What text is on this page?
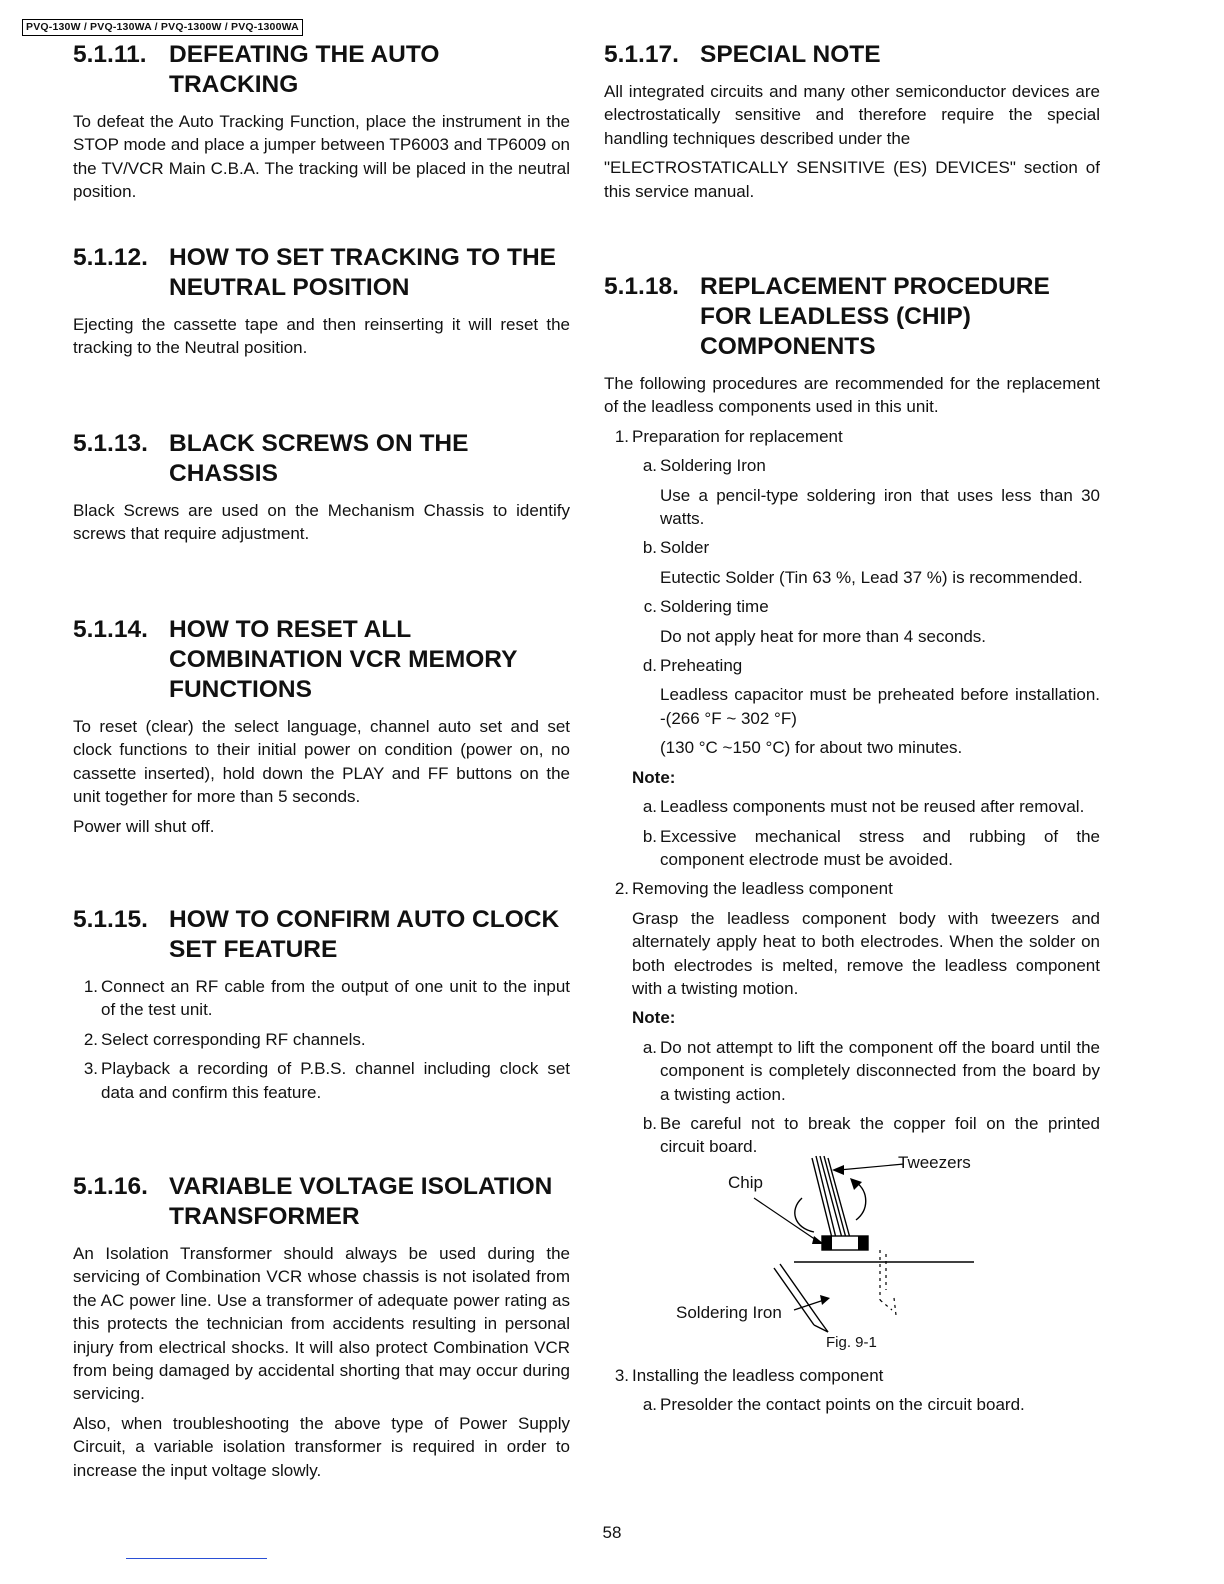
PVQ-130W / PVQ-130WA / PVQ-1300W / PVQ-1300WA
5.1.11. DEFEATING THE AUTO TRACKING

To defeat the Auto Tracking Function, place the instrument in the STOP mode and place a jumper between TP6003 and TP6009 on the TV/VCR Main C.B.A. The tracking will be placed in the neutral position.

5.1.12. HOW TO SET TRACKING TO THE NEUTRAL POSITION

Ejecting the cassette tape and then reinserting it will reset the tracking to the Neutral position.

5.1.13. BLACK SCREWS ON THE CHASSIS

Black Screws are used on the Mechanism Chassis to identify screws that require adjustment.

5.1.14. HOW TO RESET ALL COMBINATION VCR MEMORY FUNCTIONS

To reset (clear) the select language, channel auto set and set clock functions to their initial power on condition (power on, no cassette inserted), hold down the PLAY and FF buttons on the unit together for more than 5 seconds.

Power will shut off.

5.1.15. HOW TO CONFIRM AUTO CLOCK SET FEATURE
1. Connect an RF cable from the output of one unit to the input of the test unit.
2. Select corresponding RF channels.
3. Playback a recording of P.B.S. channel including clock set data and confirm this feature.
5.1.16. VARIABLE VOLTAGE ISOLATION TRANSFORMER

An Isolation Transformer should always be used during the servicing of Combination VCR whose chassis is not isolated from the AC power line. Use a transformer of adequate power rating as this protects the technician from accidents resulting in personal injury from electrical shocks. It will also protect Combination VCR from being damaged by accidental shorting that may occur during servicing.

Also, when troubleshooting the above type of Power Supply Circuit, a variable isolation transformer is required in order to increase the input voltage slowly.

5.1.17. SPECIAL NOTE

All integrated circuits and many other semiconductor devices are electrostatically sensitive and therefore require the special handling techniques described under the

"ELECTROSTATICALLY SENSITIVE (ES) DEVICES" section of this service manual.

5.1.18. REPLACEMENT PROCEDURE FOR LEADLESS (CHIP) COMPONENTS

The following procedures are recommended for the replacement of the leadless components used in this unit.

1. Preparation for replacement
a. Soldering Iron
Use a pencil-type soldering iron that uses less than 30 watts.
b. Solder
Eutectic Solder (Tin 63 %, Lead 37 %) is recommended.
c. Soldering time
Do not apply heat for more than 4 seconds.
d. Preheating
Leadless capacitor must be preheated before installation. -(266 °F ~ 302 °F)
(130 °C ~150 °C) for about two minutes.
Note:
a. Leadless components must not be reused after removal.
b. Excessive mechanical stress and rubbing of the component electrode must be avoided.
2. Removing the leadless component
Grasp the leadless component body with tweezers and alternately apply heat to both electrodes. When the solder on both electrodes is melted, remove the leadless component with a twisting motion.
Note:
a. Do not attempt to lift the component off the board until the component is completely disconnected from the board by a twisting action.
b. Be careful not to break the copper foil on the printed circuit board.
Tweezers
Chip
Soldering Iron
Fig. 9-1
3. Installing the leadless component
a. Presolder the contact points on the circuit board.
58
